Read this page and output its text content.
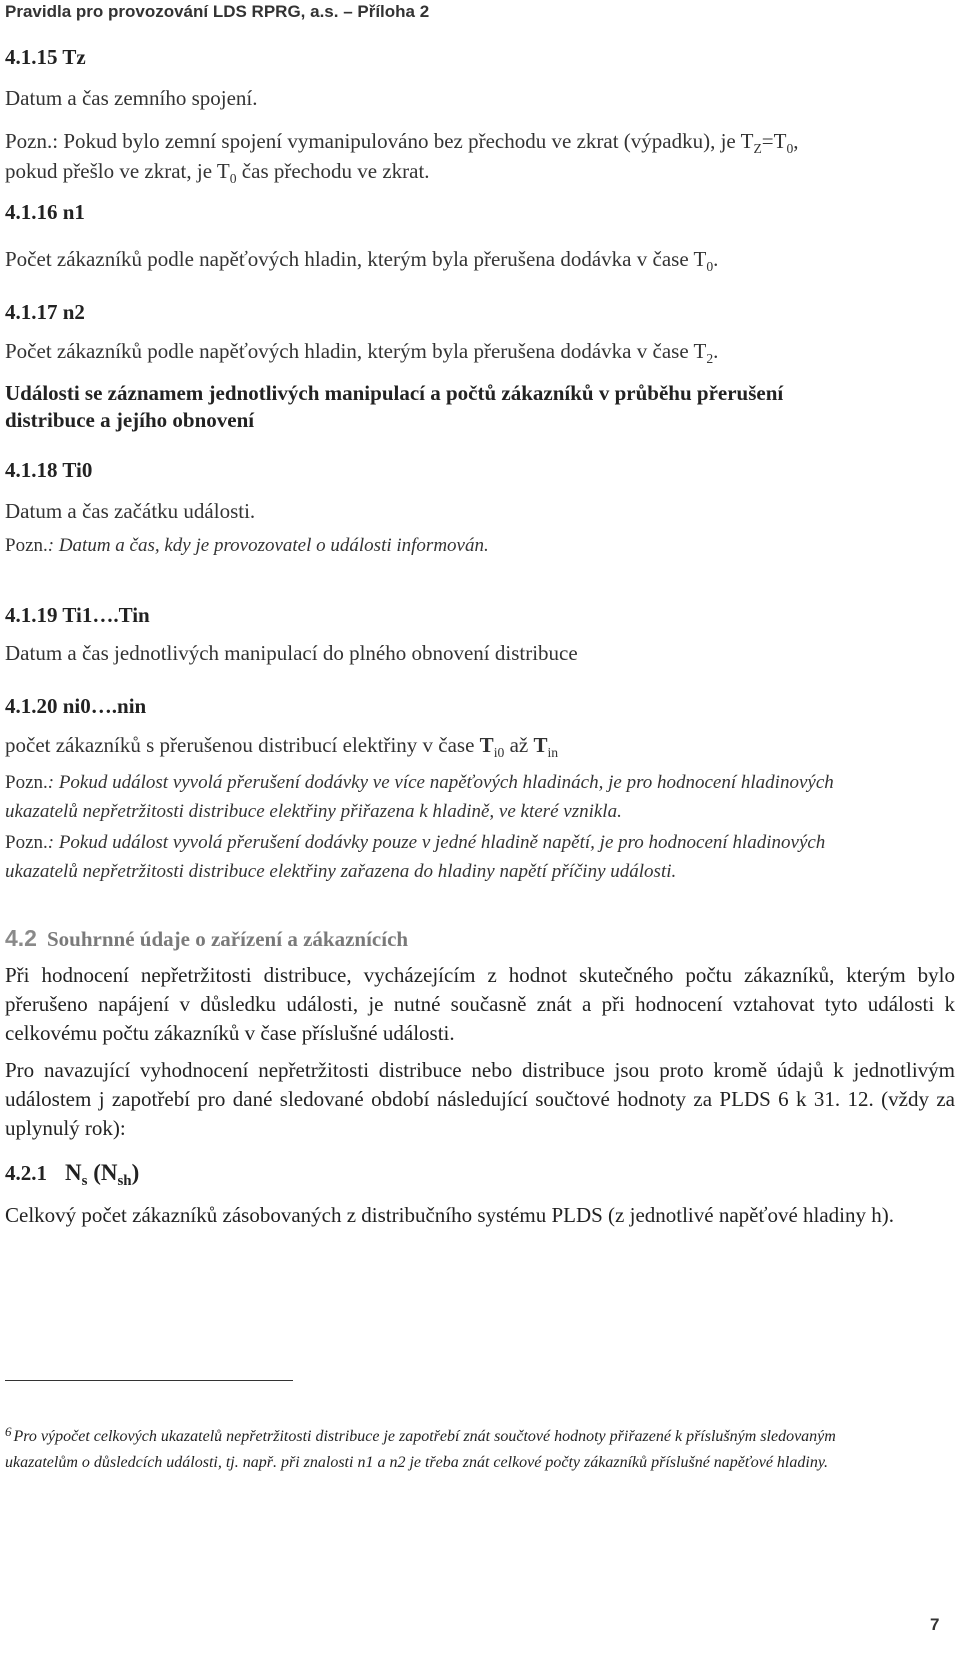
Pravidla pro provozování LDS RPRG, a.s. – Příloha 2
4.1.15 Tz
Datum a čas zemního spojení.
Pozn.: Pokud bylo zemní spojení vymanipulováno bez přechodu ve zkrat (výpadku), je $T_Z=T_0$,
pokud přešlo ve zkrat, je $T_0$ čas přechodu ve zkrat.
4.1.16 n1
Počet zákazníků podle napěťových hladin, kterým byla přerušena dodávka v čase $T_0$.
4.1.17 n2
Počet zákazníků podle napěťových hladin, kterým byla přerušena dodávka v čase $T_2$.
Události se záznamem jednotlivých manipulací a počtů zákazníků v průběhu přerušení
distribuce a jejího obnovení
4.1.18 Ti0
Datum a čas začátku události.
Pozn.: Datum a čas, kdy je provozovatel o události informován.
4.1.19 Ti1….Tin
Datum a čas jednotlivých manipulací do plného obnovení distribuce
4.1.20 ni0….nin
počet zákazníků s přerušenou distribucí elektřiny v čase $T_{i0}$ až $T_{in}$
Pozn.: Pokud událost vyvolá přerušení dodávky ve více napěťových hladinách, je pro hodnocení hladinových
ukazatelů nepřetržitosti distribuce elektřiny přiřazena k hladině, ve které vznikla.
Pozn.: Pokud událost vyvolá přerušení dodávky pouze v jedné hladině napětí, je pro hodnocení hladinových
ukazatelů nepřetržitosti distribuce elektřiny zařazena do hladiny napětí příčiny události.
4.2 Souhrnné údaje o zařízení a zákaznících

Při hodnocení nepřetržitosti distribuce, vycházejícím z hodnot skutečného počtu zákazníků, kterým bylo přerušeno napájení v důsledku události, je nutné současně znát a při hodnocení vztahovat tyto události k celkovému počtu zákazníků v čase příslušné události.

Pro navazující vyhodnocení nepřetržitosti distribuce nebo distribuce jsou proto kromě údajů k jednotlivým událostem j zapotřebí pro dané sledované období následující součtové hodnoty za PLDS 6 k 31. 12. (vždy za uplynulý rok):

4.2.1 $N_s$ $(N_{sh})$

Celkový počet zákazníků zásobovaných z distribučního systému PLDS (z jednotlivé napěťové hladiny h).

$^6$ Pro výpočet celkových ukazatelů nepřetržitosti distribuce je zapotřebí znát součtové hodnoty přiřazené k příslušným sledovaným
ukazatelům o důsledcích události, tj. např. při znalosti n1 a n2 je třeba znát celkové počty zákazníků příslušné napěťové hladiny.
7
